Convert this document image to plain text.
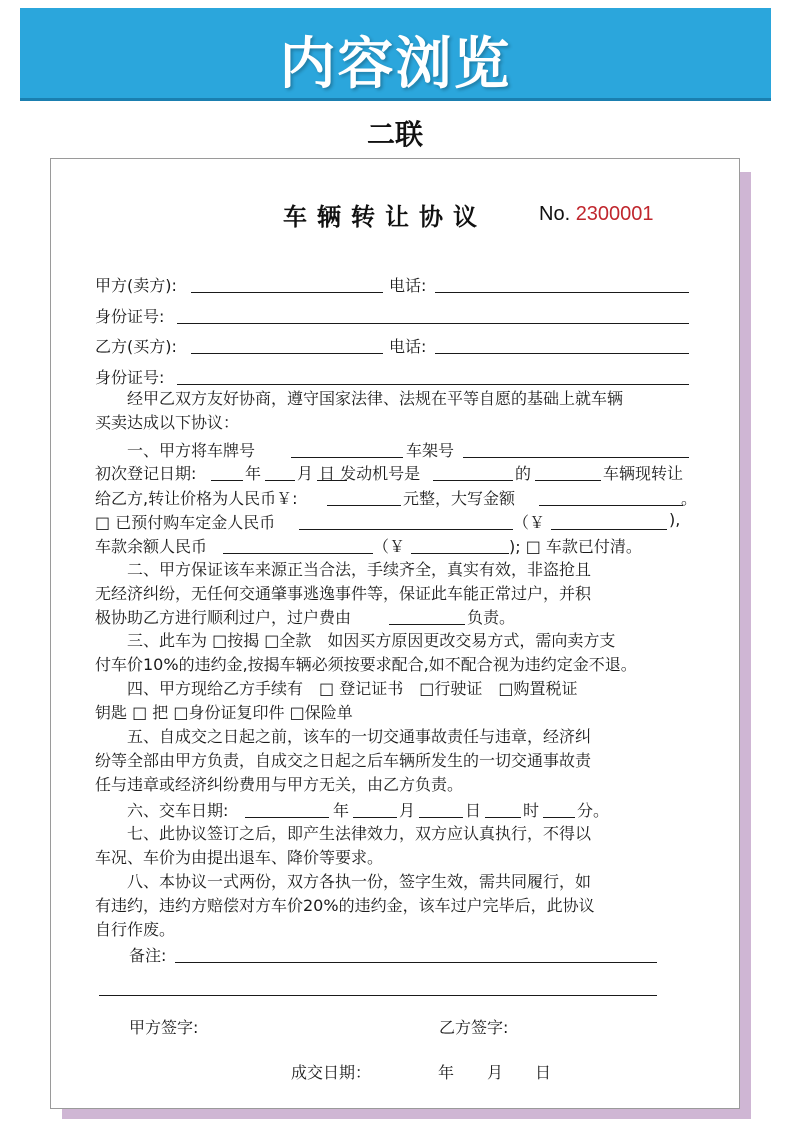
内容浏览
二联
车辆转让协议	No. 2300001
甲方(卖方):	电话:
身份证号:
乙方(买方):	电话:
身份证号:
　　经甲乙双方友好协商，遵守国家法律、法规在平等自愿的基础上就车辆
买卖达成以下协议：
　　一、甲方将车牌号	车架号
初次登记日期:	年 月 日 发动机号是	的	车辆现转让
给乙方,转让价格为人民币￥:	元整，大写金额	。
□ 已预付购车定金人民币	（￥	),
车款余额人民币	（￥	); □ 车款已付清。
　　二、甲方保证该车来源正当合法，手续齐全，真实有效，非盗抢且
无经济纠纷，无任何交通肇事逃逸事件等，保证此车能正常过户，并积
极协助乙方进行顺利过户，过户费由	负责。
　　三、此车为 □按揭 □全款　如因买方原因更改交易方式，需向卖方支
付车价10%的违约金,按揭车辆必须按要求配合,如不配合视为违约定金不退。
　　四、甲方现给乙方手续有　□ 登记证书　□行驶证　□购置税证
钥匙 □ 把 □身份证复印件 □保险单
　　五、自成交之日起之前，该车的一切交通事故责任与违章，经济纠
纷等全部由甲方负责，自成交之日起之后车辆所发生的一切交通事故责
任与违章或经济纠纷费用与甲方无关，由乙方负责。
　　六、交车日期:	年	月	日	时 分。
　　七、此协议签订之后，即产生法律效力，双方应认真执行，不得以
车况、车价为由提出退车、降价等要求。
　　八、本协议一式两份，双方各执一份，签字生效，需共同履行，如
有违约，违约方赔偿对方车价20%的违约金，该车过户完毕后，此协议
自行作废。
备注:
甲方签字:	乙方签字:
成交日期：	年 月 日
